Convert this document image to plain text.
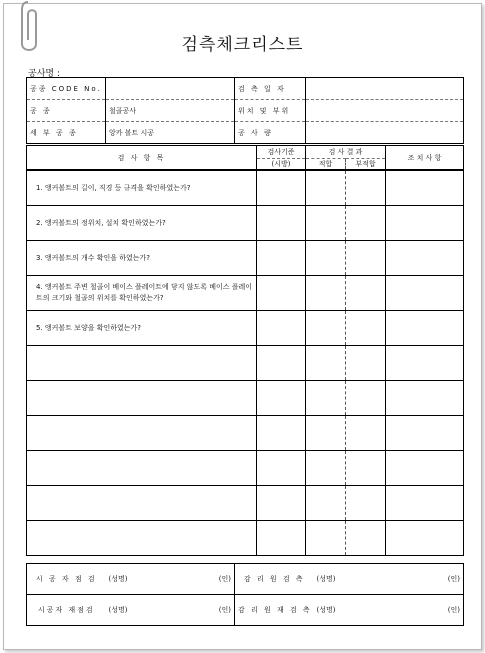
검측체크리스트
공사명 :
공종 CODE No.		검 측 일 자	
공 종	철골공사	위치 및 부위	
세 부 공 종	앙카 볼트 시공	공 사 량	
검 사 항 목	검사기준	검 사 결 과		조 치 사 항
	(시방)	적합	부적합	
1. 앵커볼트의 길이, 직경 등 규격을 확인하였는가?				
2. 앵커볼트의 정위치, 설치 확인하였는가?				
3. 앵커볼트의 개수 확인을 하였는가?				
4. 앵커볼트 주변 철골이 베이스 플레이트에 닿지 않도록 베이스 플레이트의 크기와 철골의 위치를 확인하였는가?				
5. 앵커볼트 보양을 확인하였는가?				

시 공 자 점 검	(성명)	(인)	감 리 원 검 측	(성명)	(인)
시공자 재점검	(성명)	(인)	감 리 원 재 검 측	(성명)	(인)
